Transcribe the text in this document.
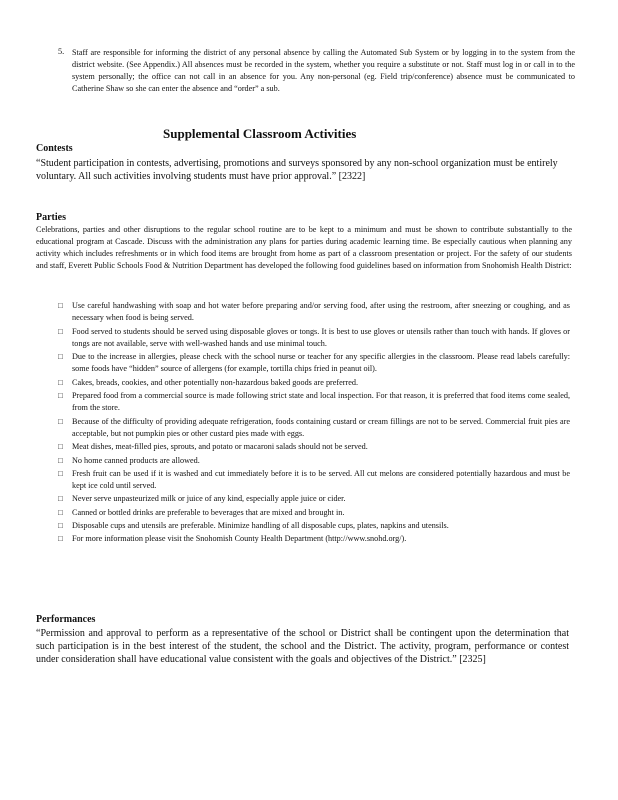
5. Staff are responsible for informing the district of any personal absence by calling the Automated Sub System or by logging in to the system from the district website. (See Appendix.) All absences must be recorded in the system, whether you require a substitute or not. Staff must log in or call in to the system personally; the office can not call in an absence for you. Any non-personal (eg. Field trip/conference) absence must be communicated to Catherine Shaw so she can enter the absence and “order” a sub.
Supplemental Classroom Activities
Contests
“Student participation in contests, advertising, promotions and surveys sponsored by any non-school organization must be entirely voluntary. All such activities involving students must have prior approval.” [2322]
Parties
Celebrations, parties and other disruptions to the regular school routine are to be kept to a minimum and must be shown to contribute substantially to the educational program at Cascade. Discuss with the administration any plans for parties during academic learning time. Be especially cautious when planning any activity which includes refreshments or in which food items are brought from home as part of a classroom presentation or project. For the safety of our students and staff, Everett Public Schools Food & Nutrition Department has developed the following food guidelines based on information from Snohomish Health District:
□ Use careful handwashing with soap and hot water before preparing and/or serving food, after using the restroom, after sneezing or coughing, and as necessary when food is being served.
□ Food served to students should be served using disposable gloves or tongs. It is best to use gloves or utensils rather than touch with hands. If gloves or tongs are not available, serve with well-washed hands and use minimal touch.
□ Due to the increase in allergies, please check with the school nurse or teacher for any specific allergies in the classroom. Please read labels carefully: some foods have “hidden” source of allergens (for example, tortilla chips fried in peanut oil).
□ Cakes, breads, cookies, and other potentially non-hazardous baked goods are preferred.
□ Prepared food from a commercial source is made following strict state and local inspection. For that reason, it is preferred that food items come sealed, from the store.
□ Because of the difficulty of providing adequate refrigeration, foods containing custard or cream fillings are not to be served. Commercial fruit pies are acceptable, but not pumpkin pies or other custard pies made with eggs.
□ Meat dishes, meat-filled pies, sprouts, and potato or macaroni salads should not be served.
□ No home canned products are allowed.
□ Fresh fruit can be used if it is washed and cut immediately before it is to be served. All cut melons are considered potentially hazardous and must be kept ice cold until served.
□ Never serve unpasteurized milk or juice of any kind, especially apple juice or cider.
□ Canned or bottled drinks are preferable to beverages that are mixed and brought in.
□ Disposable cups and utensils are preferable. Minimize handling of all disposable cups, plates, napkins and utensils.
□ For more information please visit the Snohomish County Health Department (http://www.snohd.org/).
Performances
“Permission and approval to perform as a representative of the school or District shall be contingent upon the determination that such participation is in the best interest of the student, the school and the District. The activity, program, performance or contest under consideration shall have educational value consistent with the goals and objectives of the District.” [2325]
